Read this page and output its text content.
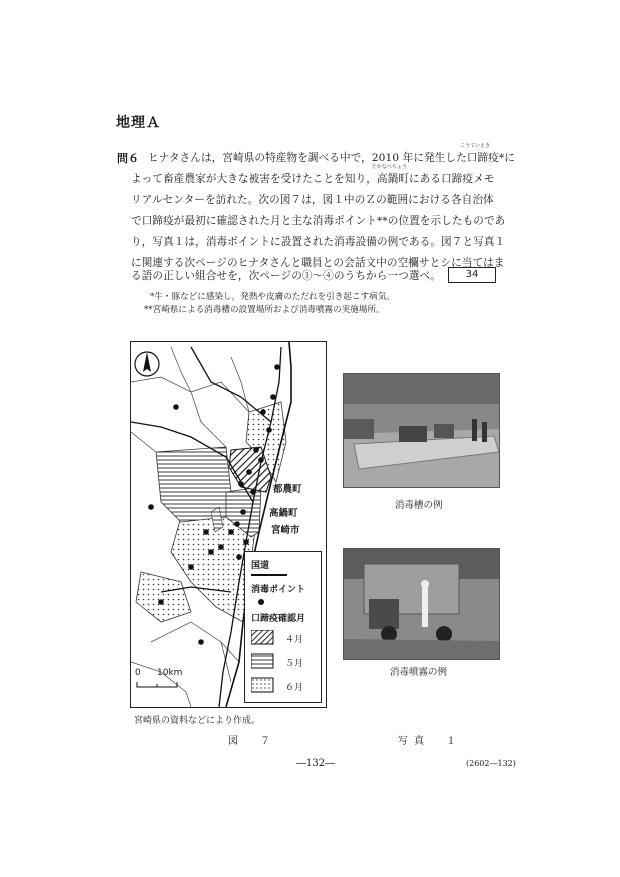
地理Ａ
問６ ヒナタさんは，宮崎県の特産物を調べる中で，2010 年に発生した口蹄疫*に
よって畜産農家が大きな被害を受けたことを知り，高鍋町にある口蹄疫メモ
リアルセンターを訪れた。次の図７は，図１中のＺの範囲における各自治体
で口蹄疫が最初に確認された月と主な消毒ポイント**の位置を示したものであ
り，写真１は，消毒ポイントに設置された消毒設備の例である。図７と写真１
に関連する次ページのヒナタさんと職員との会話文中の空欄サとシに当てはま
る語の正しい組合せを，次ページの①～④のうちから一つ選べ。
こうていえき
たかなべちょう
34
*牛・豚などに感染し，発熱や皮膚のただれを引き起こす病気。
**宮崎県による消毒槽の設置場所および消毒噴霧の実施場所。
都農町
高鍋町
宮崎市
0 10km
国道
消毒ポイント
口蹄疫確認月
４月
５月
６月
消毒槽の例
消毒噴霧の例
宮崎県の資料などにより作成。
図　７	写真　１
―132―	(2602―132)
